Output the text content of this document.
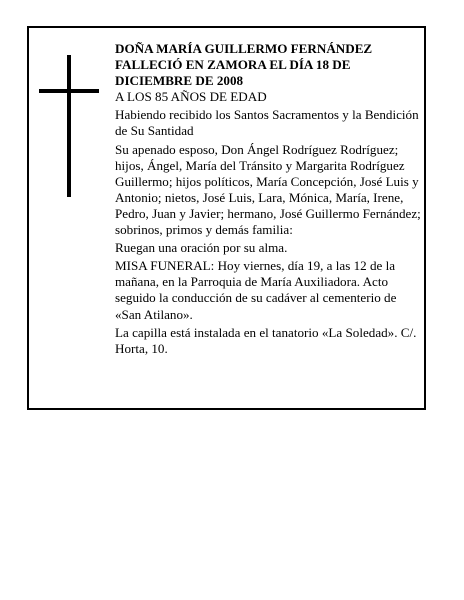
DOÑA MARÍA GUILLERMO FERNÁNDEZ
FALLECIÓ EN ZAMORA EL DÍA 18 DE
DICIEMBRE DE 2008

A LOS 85 AÑOS DE EDAD

Habiendo recibido los Santos Sacramentos y la Bendición de Su Santidad

Su apenado esposo, Don Ángel Rodríguez Rodríguez; hijos, Ángel, María del Tránsito y Margarita Rodríguez Guillermo; hijos políticos, María Concepción, José Luis y Antonio; nietos, José Luis, Lara, Mónica, María, Irene, Pedro, Juan y Javier; hermano, José Guillermo Fernández; sobrinos, primos y demás familia:

Ruegan una oración por su alma.

MISA FUNERAL: Hoy viernes, día 19, a las 12 de la mañana, en la Parroquia de María Auxiliadora. Acto seguido la conducción de su cadáver al cementerio de «San Atilano».

La capilla está instalada en el tanatorio «La Soledad». C/. Horta, 10.
